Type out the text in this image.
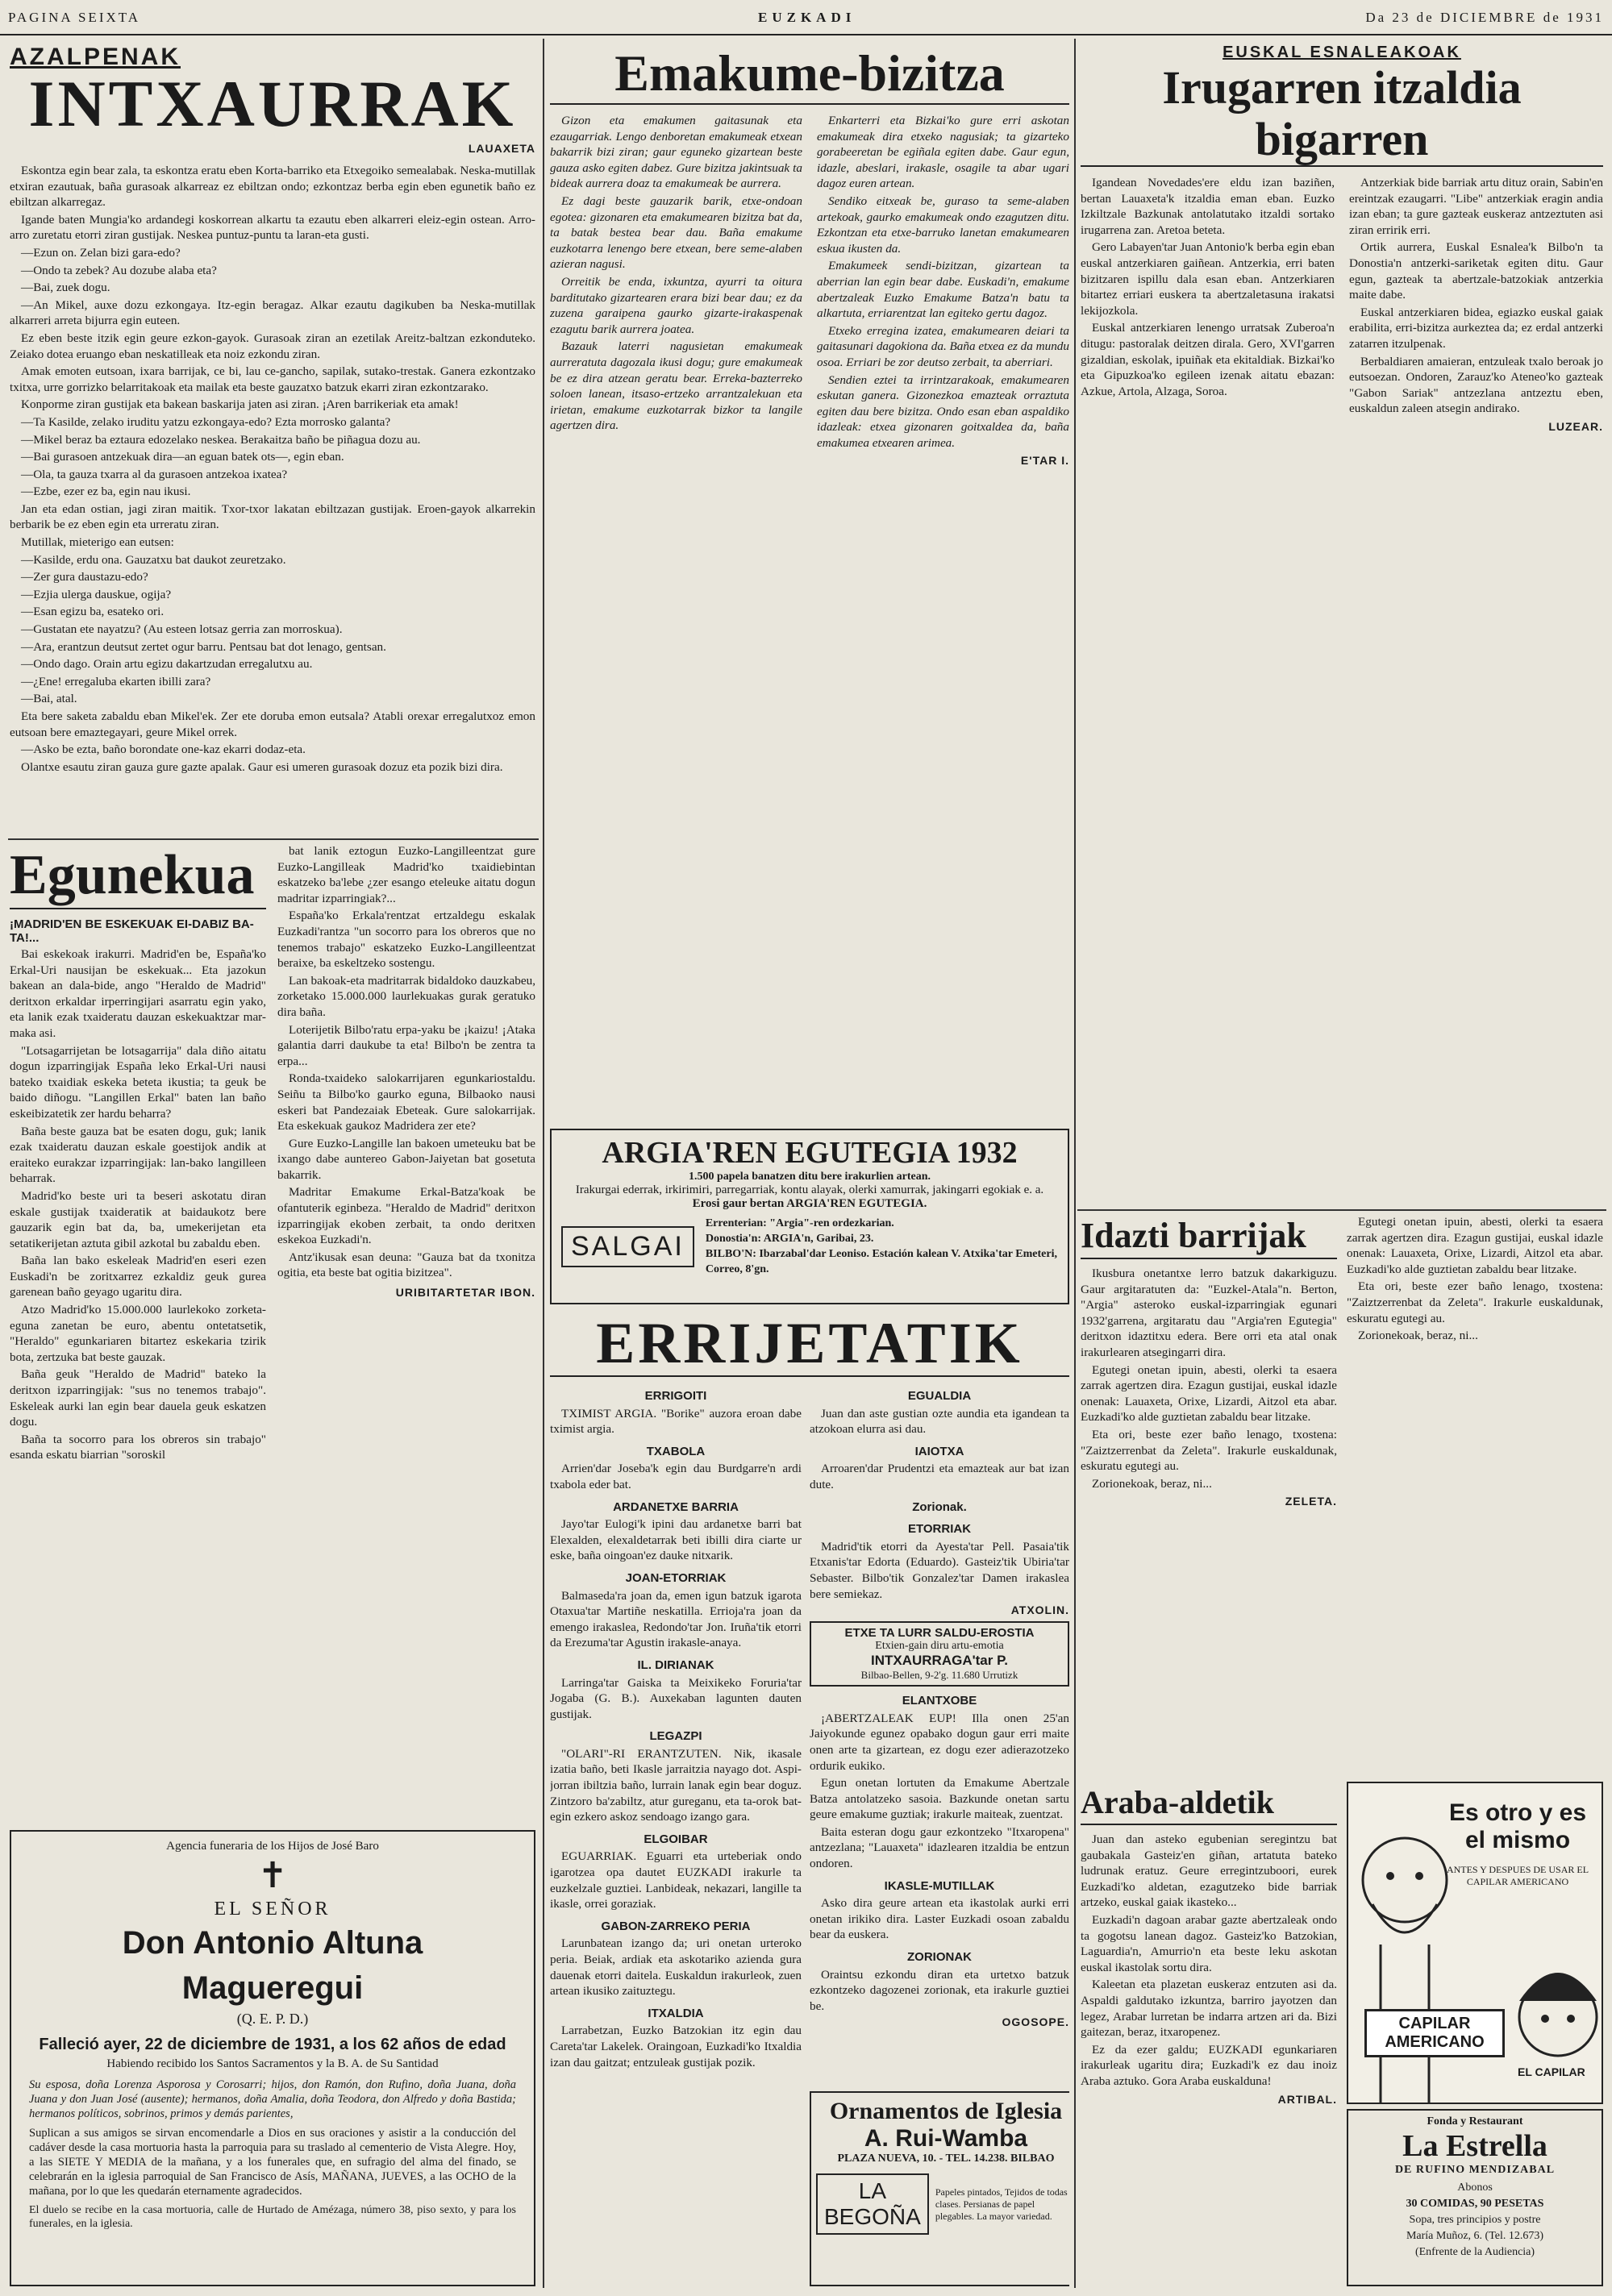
PAGINA SEIXTA	EUZKADI	Da 23 de DICIEMBRE de 1931
AZALPENAK
INTXAURRAK
LAUAXETA

Eskontza egin bear zala, ta eskontza eratu eben Korta-barriko eta Etxegoiko semealabak. Neska-mutillak etxiran ezautuak, baña gurasoak alkarreaz ez ebiltzan ondo; ezkontzaz berba egin eben egunetik baño ez ebiltzan alkarregaz.

Igande baten Mungia'ko ardandegi koskorrean alkartu ta ezautu eben alkarreri eleiz-egin ostean. Arro-arro zuretatu etorri ziran gustijak. Neskea puntuz-puntu ta laran-eta gusti.

—Ezun on. Zelan bizi gara-edo?

—Ondo ta zebek? Au dozube alaba eta?

—Bai, zuek dogu.

—An Mikel, auxe dozu ezkongaya. Itz-egin beragaz. Alkar ezautu dagikuben ba Neska-mutillak alkarreri arreta bijurra egin euteen.

Ez eben beste itzik egin geure ezkon-gayok. Gurasoak ziran an ezetilak Areitz-baltzan ezkonduteko. Zeiako dotea eruango eban neskatilleak eta noiz ezkondu ziran.

Amak emoten eutsoan, ixara barrijak, ce bi, lau ce-gancho, sapilak, sutako-trestak. Ganera ezkontzako txitxa, urre gorrizko belarritakoak eta mailak eta beste gauzatxo batzuk ekarri ziran ezkontzarako.

Konporme ziran gustijak eta bakean baskarija jaten asi ziran. ¡Aren barrikeriak eta amak!

—Ta Kasilde, zelako iruditu yatzu ezkongaya-edo? Ezta morrosko galanta?

—Mikel beraz ba eztaura edozelako neskea. Berakaitza baño be piñagua dozu au.

—Bai gurasoen antzekuak dira—an eguan batek ots—, egin eban.

—Ola, ta gauza txarra al da gurasoen antzekoa ixatea?

—Ezbe, ezer ez ba, egin nau ikusi.

Jan eta edan ostian, jagi ziran maitik. Txor-txor lakatan ebiltzazan gustijak. Eroen-gayok alkarrekin berbarik be ez eben egin eta urreratu ziran.

Mutillak, mieterigo ean eutsen:

—Kasilde, erdu ona. Gauzatxu bat daukot zeuretzako.

—Zer gura daustazu-edo?

—Ezjia ulerga dauskue, ogija?

—Esan egizu ba, esateko ori.

—Gustatan ete nayatzu? (Au esteen lotsaz gerria zan morroskua).

—Ara, erantzun deutsut zertet ogur barru. Pentsau bat dot lenago, gentsan.

—Ondo dago. Orain artu egizu dakartzudan erregalutxu au.

—¿Ene! erregaluba ekarten ibilli zara?

—Bai, atal.

Eta bere saketa zabaldu eban Mikel'ek. Zer ete doruba emon eutsala? Atabli orexar erregalutxoz emon eutsoan bere emaztegayari, geure Mikel orrek.

—Asko be ezta, baño borondate one-kaz ekarri dodaz-eta.

Olantxe esautu ziran gauza gure gazte apalak. Gaur esi umeren gurasoak dozuz eta pozik bizi dira.

Egunekua
¡MADRID'EN BE ESKEKUAK EI-DABIZ BA-TA!...

Bai eskekoak irakurri. Madrid'en be, España'ko Erkal-Uri nausijan be eskekuak... Eta jazokun bakean an dala-bide, ango "Heraldo de Madrid" deritxon erkaldar irperringijari asarratu egin yako, eta lanik ezak txaideratu dauzan eskekuaktzar mar-maka asi.

"Lotsagarrijetan be lotsagarrija" dala diño aitatu dogun izparringijak España leko Erkal-Uri nausi bateko txaidiak eskeka beteta ikustia; ta geuk be baido diñogu. "Langillen Erkal" baten lan baño eskeibizatetik zer hardu beharra?

Baña beste gauza bat be esaten dogu, guk; lanik ezak txaideratu dauzan eskale goestijok andik at eraiteko eurakzar izparringijak: lan-bako langilleen beharrak.

Madrid'ko beste uri ta beseri askotatu diran eskale gustijak txaideratik at baidaukotz bere gauzarik egin bat da, ba, umekerijetan eta setatikerijetan aztuta gibil azkotal bu zabaldu eben.

Baña lan bako eskeleak Madrid'en eseri ezen Euskadi'n be zoritxarrez ezkaldiz geuk gurea garenean baño geyago ugaritu dira.

Atzo Madrid'ko 15.000.000 laurlekoko zorketa-eguna zanetan be euro, abentu ontetatsetik, "Heraldo" egunkariaren bitartez eskekaria tzirik bota, zertzuka bat beste gauzak.

Baña geuk "Heraldo de Madrid" bateko la deritxon izparringijak: "sus no tenemos trabajo". Eskeleak aurki lan egin bear dauela geuk eskatzen dogu.

Baña ta socorro para los obreros sin trabajo" esanda eskatu biarrian "soroskil

bat lanik eztogun Euzko-Langilleentzat gure Euzko-Langilleak Madrid'ko txaidiebintan eskatzeko ba'lebe ¿zer esango eteleuke aitatu dogun madritar izparringiak?...

España'ko Erkala'rentzat ertzaldegu eskalak Euzkadi'rantza "un socorro para los obreros que no tenemos trabajo" eskatzeko Euzko-Langilleentzat beraixe, ba eskeltzeko sostengu.

Lan bakoak-eta madritarrak bidaldoko dauzkabeu, zorketako 15.000.000 laurlekuakas gurak geratuko dira baña.

Loterijetik Bilbo'ratu erpa-yaku be ¡kaizu! ¡Ataka galantia darri daukube ta eta! Bilbo'n be zentra ta erpa...

Ronda-txaideko salokarrijaren egunkariostaldu. Seiñu ta Bilbo'ko gaurko eguna, Bilbaoko nausi eskeri bat Pandezaiak Ebeteak. Gure salokarrijak. Eta eskekuak gaukoz Madridera zer ete?

Gure Euzko-Langille lan bakoen umeteuku bat be ixango dabe auntereo Gabon-Jaiyetan bat gosetuta bakarrik.

Madritar Emakume Erkal-Batza'koak be ofantuterik eginbeza. "Heraldo de Madrid" deritxon izparringijak ekoben zerbait, ta ondo deritxen eskekoa Euzkadi'n.

Antz'ikusak esan deuna: "Gauza bat da txonitza ogitia, eta beste bat ogitia bizitzea".

URIBITARTETAR IBON.
Agencia funeraria de los Hijos de José Baro
✝
EL SEÑOR
Don Antonio Altuna Magueregui
(Q. E. P. D.)
Falleció ayer, 22 de diciembre de 1931, a los 62 años de edad
Habiendo recibido los Santos Sacramentos y la B. A. de Su Santidad
Su esposa, doña Lorenza Asporosa y Corosarri; hijos, don Ramón, don Rufino, doña Juana, doña Juana y don Juan José (ausente); hermanos, doña Amalia, doña Teodora, don Alfredo y doña Bastida; hermanos políticos, sobrinos, primos y demás parientes,
Suplican a sus amigos se sirvan encomendarle a Dios en sus oraciones y asistir a la conducción del cadáver desde la casa mortuoria hasta la parroquia para su traslado al cementerio de Vista Alegre. Hoy, a las SIETE Y MEDIA de la mañana, y a los funerales que, en sufragio del alma del finado, se celebrarán en la iglesia parroquial de San Francisco de Asís, MAÑANA, JUEVES, a las OCHO de la mañana, por lo que les quedarán eternamente agradecidos.
El duelo se recibe en la casa mortuoria, calle de Hurtado de Amézaga, número 38, piso sexto, y para los funerales, en la iglesia.
Emakume-bizitza

Gizon eta emakumen gaitasunak eta ezaugarriak. Lengo denboretan emakumeak etxean bakarrik bizi ziran; gaur eguneko gizartean beste gauza asko egiten dabez. Gure bizitza jakintsuak ta bideak aurrera doaz ta emakumeak be aurrera.

Ez dagi beste gauzarik barik, etxe-ondoan egotea: gizonaren eta emakumearen bizitza bat da, ta batak bestea bear dau. Baña emakume euzkotarra lenengo bere etxean, bere seme-alaben azieran nagusi.

Orreitik be enda, ixkuntza, ayurri ta oitura barditutako gizartearen erara bizi bear dau; ez da zuzena garaipena gaurko gizarte-irakaspenak ezagutu barik aurrera joatea.

Bazauk laterri nagusietan emakumeak aurreratuta dagozala ikusi dogu; gure emakumeak be ez dira atzean geratu bear. Erreka-bazterreko soloen lanean, itsaso-ertzeko arrantzalekuan eta irietan, emakume euzkotarrak bizkor ta langile agertzen dira.

Enkarterri eta Bizkai'ko gure erri askotan emakumeak dira etxeko nagusiak; ta gizarteko gorabeeretan be egiñala egiten dabe. Gaur egun, idazle, abeslari, irakasle, osagile ta abar ugari dagoz euren artean.

Sendiko eitxeak be, guraso ta seme-alaben artekoak, gaurko emakumeak ondo ezagutzen ditu. Ezkontzan eta etxe-barruko lanetan emakumearen eskua ikusten da.

Emakumeek sendi-bizitzan, gizartean ta aberrian lan egin bear dabe. Euskadi'n, emakume abertzaleak Euzko Emakume Batza'n batu ta alkartuta, erriarentzat lan egiteko gertu dagoz.

Etxeko erregina izatea, emakumearen deiari ta gaitasunari dagokiona da. Baña etxea ez da mundu osoa. Erriari be zor deutso zerbait, ta aberriari.

Sendien eztei ta irrintzarakoak, emakumearen eskutan ganera. Gizonezkoa emazteak orraztuta egiten dau bere bizitza. Ondo esan eban aspaldiko idazleak: etxea gizonaren goitxaldea da, baña emakumea etxearen arimea.

E'TAR I.
ARGIA'REN EGUTEGIA 1932
1.500 papela banatzen ditu bere irakurlien artean.
Irakurgai ederrak, irkirimiri, parregarriak, kontu alayak, olerki xamurrak, jakingarri egokiak e. a.
Erosi gaur bertan ARGIA'REN EGUTEGIA.
SALGAI
Errenterian: "Argia"-ren ordezkarian.
Donostia'n: ARGIA'n, Garibai, 23.
BILBO'N: Ibarzabal'dar Leoniso. Estación kalean V. Atxika'tar Emeteri, Correo, 8'gn.
ERRIJETATIK
ERRIGOITI

TXIMIST ARGIA. "Borike" auzora eroan dabe tximist argia.

TXABOLA

Arrien'dar Joseba'k egin dau Burdgarre'n ardi txabola eder bat.

ARDANETXE BARRIA

Jayo'tar Eulogi'k ipini dau ardanetxe barri bat Elexalden, elexaldetarrak beti ibilli dira ciarte ur eske, baña oingoan'ez dauke nitxarik.

JOAN-ETORRIAK

Balmaseda'ra joan da, emen igun batzuk igarota Otaxua'tar Martiñe neskatilla. Errioja'ra joan da emengo irakaslea, Redondo'tar Jon. Iruña'tik etorri da Erezuma'tar Agustin irakasle-anaya.

IL. DIRIANAK

Larringa'tar Gaiska ta Meixikeko Foruria'tar Jogaba (G. B.). Auxekaban lagunten dauten gustijak.

LEGAZPI

"OLARI"-RI ERANTZUTEN. Nik, ikasale izatia baño, beti Ikasle jarraitzia nayago dot. Aspi-jorran ibiltzia baño, lurrain lanak egin bear doguz. Zintzoro ba'zabiltz, atur gureganu, eta ta-orok bat-egin ezkero askoz sendoago izango gara.

ELGOIBAR

EGUARRIAK. Eguarri eta urteberiak ondo igarotzea opa dautet EUZKADI irakurle ta euzkelzale guztiei. Lanbideak, nekazari, langille ta ikasle, orrei goraziak.

GABON-ZARREKO PERIA

Larunbatean izango da; uri onetan urteroko peria. Beiak, ardiak eta askotariko azienda gura dauenak etorri daitela. Euskaldun irakurleok, zuen artean ikusiko zaituztegu.

ITXALDIA

Larrabetzan, Euzko Batzokian itz egin dau Careta'tar Lakelek. Oraingoan, Euzkadi'ko Itxaldia izan dau gaitzat; entzuleak gustijak pozik.

EGUALDIA

Juan dan aste gustian ozte aundia eta igandean ta atzokoan elurra asi dau.

IAIOTXA

Arroaren'dar Prudentzi eta emazteak aur bat izan dute.

Zorionak.
ETORRIAK

Madrid'tik etorri da Ayesta'tar Pell. Pasaia'tik Etxanis'tar Edorta (Eduardo). Gasteiz'tik Ubiria'tar Sebaster. Bilbo'tik Gonzalez'tar Damen irakaslea bere semiekaz.

ATXOLIN.
ETXE TA LURR SALDU-EROSTIA
Etxien-gain diru artu-emotia
INTXAURRAGA'tar P.
Bilbao-Bellen, 9-2'g. 11.680 Urrutizk
ELANTXOBE

¡ABERTZALEAK EUP! Illa onen 25'an Jaiyokunde egunez opabako dogun gaur erri maite onen arte ta gizartean, ez dogu ezer adierazotzeko ordurik eukiko.

Egun onetan lortuten da Emakume Abertzale Batza antolatzeko sasoia. Bazkunde onetan sartu geure emakume guztiak; irakurle maiteak, zuentzat.

Baita esteran dogu gaur ezkontzeko "Itxaropena" antzezlana; "Lauaxeta" idazlearen itzaldia be entzun ondoren.

IKASLE-MUTILLAK

Asko dira geure artean eta ikastolak aurki erri onetan irikiko dira. Laster Euzkadi osoan zabaldu bear da euskera.

ZORIONAK

Oraintsu ezkondu diran eta urtetxo batzuk ezkontzeko dagozenei zorionak, eta irakurle guztiei be.

OGOSOPE.
Ornamentos de Iglesia
A. Rui-Wamba
PLAZA NUEVA, 10. - TEL. 14.238. BILBAO
LA BEGOÑA
Papeles pintados, Tejidos de todas clases. Persianas de papel plegables. La mayor variedad.
EUSKAL ESNALEAKOAK
Irugarren itzaldia
bigarren

Igandean Novedades'ere eldu izan baziñen, bertan Lauaxeta'k itzaldia eman eban. Euzko Izkiltzale Bazkunak antolatutako itzaldi sortako irugarrena zan. Aretoa beteta.

Gero Labayen'tar Juan Antonio'k berba egin eban euskal antzerkiaren gaiñean. Antzerkia, erri baten bizitzaren ispillu dala esan eban. Antzerkiaren bitartez erriari euskera ta abertzaletasuna irakatsi lekijozkola.

Euskal antzerkiaren lenengo urratsak Zuberoa'n ditugu: pastoralak deitzen dirala. Gero, XVI'garren gizaldian, eskolak, ipuiñak eta ekitaldiak. Bizkai'ko eta Gipuzkoa'ko egileen izenak aitatu ebazan: Azkue, Artola, Alzaga, Soroa.

Antzerkiak bide barriak artu dituz orain, Sabin'en ereintzak ezaugarri. "Libe" antzerkiak eragin andia izan eban; ta gure gazteak euskeraz antzeztuten asi ziran erririk erri.

Ortik aurrera, Euskal Esnalea'k Bilbo'n ta Donostia'n antzerki-sariketak egiten ditu. Gaur egun, gazteak ta abertzale-batzokiak antzerkia maite dabe.

Euskal antzerkiaren bidea, egiazko euskal gaiak erabilita, erri-bizitza aurkeztea da; ez erdal antzerki zatarren itzulpenak.

Berbaldiaren amaieran, entzuleak txalo beroak jo eutsoezan. Ondoren, Zarauz'ko Ateneo'ko gazteak "Gabon Sariak" antzezlana antzeztu eben, euskaldun zaleen atsegin andirako.

LUZEAR.
Idazti barrijak

Ikusbura onetantxe lerro batzuk dakarkiguzu. Gaur argitaratuten da: "Euzkel-Atala"n. Berton, "Argia" asteroko euskal-izparringiak egunari 1932'garrena, argitaratu dau "Argia'ren Egutegia" deritxon idaztitxu edera. Bere orri eta atal onak irakurlearen atsegingarri dira.

Egutegi onetan ipuin, abesti, olerki ta esaera zarrak agertzen dira. Ezagun gustijai, euskal idazle onenak: Lauaxeta, Orixe, Lizardi, Aitzol eta abar. Euzkadi'ko alde guztietan zabaldu bear litzake.

Eta ori, beste ezer baño lenago, txostena: "Zaiztzerrenbat da Zeleta". Irakurle euskaldunak, eskuratu egutegi au.

Zorionekoak, beraz, ni...

ZELETA.

Egutegi onetan ipuin, abesti, olerki ta esaera zarrak agertzen dira. Ezagun gustijai, euskal idazle onenak: Lauaxeta, Orixe, Lizardi, Aitzol eta abar. Euzkadi'ko alde guztietan zabaldu bear litzake.

Eta ori, beste ezer baño lenago, txostena: "Zaiztzerrenbat da Zeleta". Irakurle euskaldunak, eskuratu egutegi au.

Zorionekoak, beraz, ni...

Araba-aldetik

Juan dan asteko egubenian seregintzu bat gaubakala Gasteiz'en giñan, artatuta bateko ludrunak eratuz. Geure erregintzuboori, eurek Euzkadi'ko aldetan, ezagutzeko bide barriak artzeko, euskal gaiak ikasteko...

Euzkadi'n dagoan arabar gazte abertzaleak ondo ta gogotsu lanean dagoz. Gasteiz'ko Batzokian, Laguardia'n, Amurrio'n eta beste leku askotan euskal ikastolak sortu dira.

Kaleetan eta plazetan euskeraz entzuten asi da. Aspaldi galdutako izkuntza, barriro jayotzen dan legez, Arabar lurretan be indarra artzen ari da. Bizi gaitezan, beraz, itxaropenez.

Ez da ezer galdu; EUZKADI egunkariaren irakurleak ugaritu dira; Euzkadi'k ez dau inoiz Araba aztuko. Gora Araba euskalduna!

ARTIBAL.
Es otro y es el mismo
ANTES Y DESPUES DE USAR EL CAPILAR AMERICANO
CAPILAR AMERICANO
EL CAPILAR
Fonda y Restaurant
La Estrella
DE RUFINO MENDIZABAL
Abonos
30 COMIDAS, 90 PESETAS
Sopa, tres principios y postre
María Muñoz, 6. (Tel. 12.673)
(Enfrente de la Audiencia)
